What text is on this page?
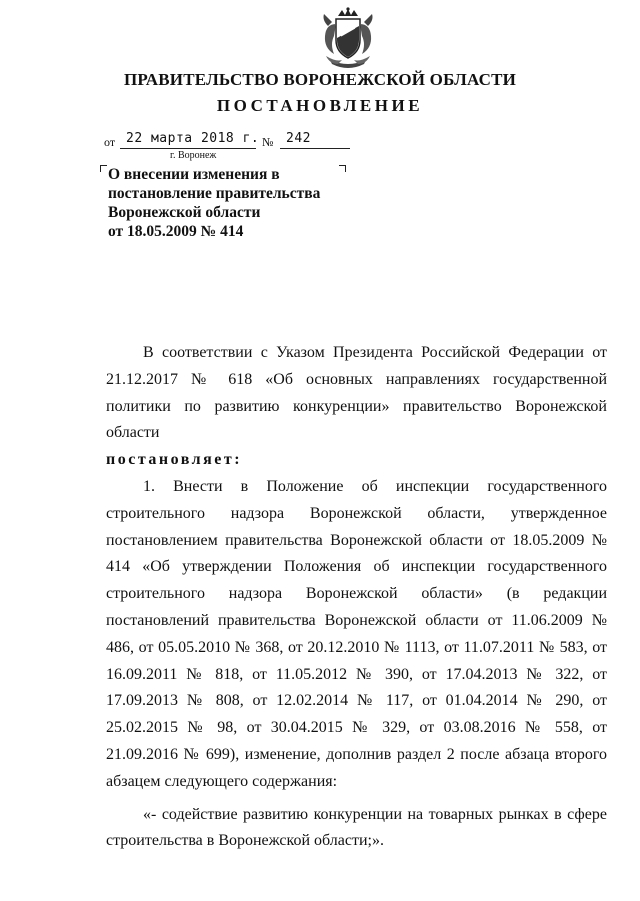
ПРАВИТЕЛЬСТВО ВОРОНЕЖСКОЙ ОБЛАСТИ
ПОСТАНОВЛЕНИЕ
от 22 марта 2018 г. № 242
г. Воронеж
О внесении изменения в
постановление правительства
Воронежской области
от 18.05.2009 № 414

В соответствии с Указом Президента Российской Федерации от 21.12.2017 № 618 «Об основных направлениях государственной политики по развитию конкуренции» правительство Воронежской области

постановляет:

1. Внести в Положение об инспекции государственного строительного надзора Воронежской области, утвержденное постановлением правительства Воронежской области от 18.05.2009 № 414 «Об утверждении Положения об инспекции государственного строительного надзора Воронежской области» (в редакции постановлений правительства Воронежской области от 11.06.2009 № 486, от 05.05.2010 № 368, от 20.12.2010 № 1113, от 11.07.2011 № 583, от 16.09.2011 № 818, от 11.05.2012 № 390, от 17.04.2013 № 322, от 17.09.2013 № 808, от 12.02.2014 № 117, от 01.04.2014 № 290, от 25.02.2015 № 98, от 30.04.2015 № 329, от 03.08.2016 № 558, от 21.09.2016 № 699), изменение, дополнив раздел 2 после абзаца второго абзацем следующего содержания:

«- содействие развитию конкуренции на товарных рынках в сфере строительства в Воронежской области;».
